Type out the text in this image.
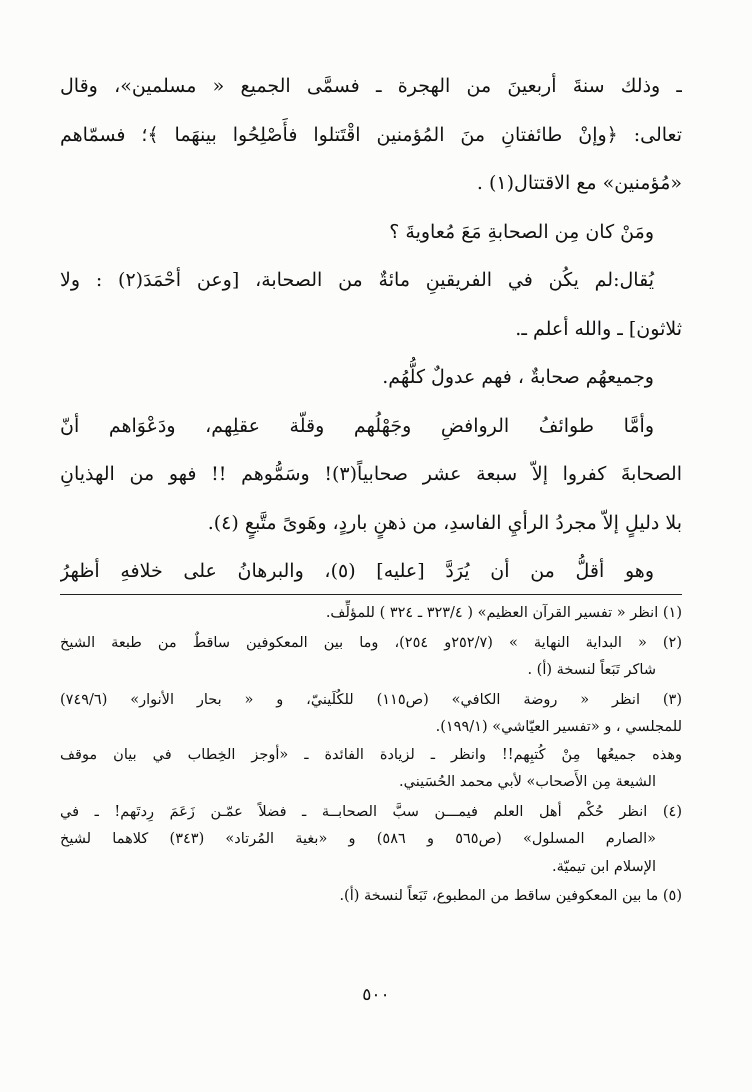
ـ وذلك سنةَ أربعينَ من الهجرة ـ فسمَّى الجميع « مسلمين»، وقال
تعالى: ﴿وإنْ طائفتانِ منَ المُؤمنين اقْتَتلوا فأَصْلِحُوا بينهَما ﴾؛ فسمّاهم
«مُؤمنين» مع الاقتتال(١) .
ومَنْ كان مِن الصحابةِ مَعَ مُعاويةَ ؟
يُقال:لم يكُن في الفريقينِ مائةٌ من الصحابة، [وعن أحْمَدَ(٢) : ولا
ثلاثون] ـ والله أعلم ـ.
وجميعهُم صحابةٌ ، فهم عدولٌ كلُّهُم.
وأمَّا طوائفُ الروافضِ وجَهْلُهم وقلّة عقلِهم، ودَعْوَاهم أنّ
الصحابةَ كفروا إلاّ سبعة عشر صحابياً(٣)! وسَمُّوهم !! فهو من الهذيانِ
بلا دليلٍ إلاّ مجردُ الرأيِ الفاسدِ، من ذهنٍ باردٍ، وهَوىً متَّبعٍ (٤).
وهو أقلُّ من أن يُرَدَّ [عليه] (٥)، والبرهانُ على خلافهِ أظهرُ
(١) انظر « تفسير القرآن العظيم» ( ٣٢٣/٤ ـ ٣٢٤ ) للمؤلِّف.
(٢) « البداية النهاية » (٢٥٢/٧و ٢٥٤)، وما بين المعكوفين ساقطٌ من طبعة الشيخ
شاكر تَبَعاً لنسخة (أ) .
(٣) انظر « روضة الكافي» (ص١١٥) للكُلَينيّ، و « بحار الأنوار» (٧٤٩/٦)
للمجلسي ، و «تفسير العيّاشي» (١٩٩/١).
وهذه جميعُها مِنْ كُتبِهم!! وانظر ـ لزيادة الفائدة ـ «أوجز الخِطاب في بيان موقف
الشيعة مِن الأَصحاب» لأبي محمد الحُسَيني.
(٤) انظر حُكْم أهل العلم فيمـــن سبَّ الصحابــة ـ فضلاً عمّـن زَعَمَ رِدتَهم! ـ في
«الصارم المسلول» (ص٥٦٥ و ٥٨٦) و «بغية المُرتاد» (٣٤٣) كلاهما لشيخ
الإسلام ابن تيميّة.
(٥) ما بين المعكوفين ساقط من المطبوع، تَبَعاً لنسخة (أ).
٥٠٠
